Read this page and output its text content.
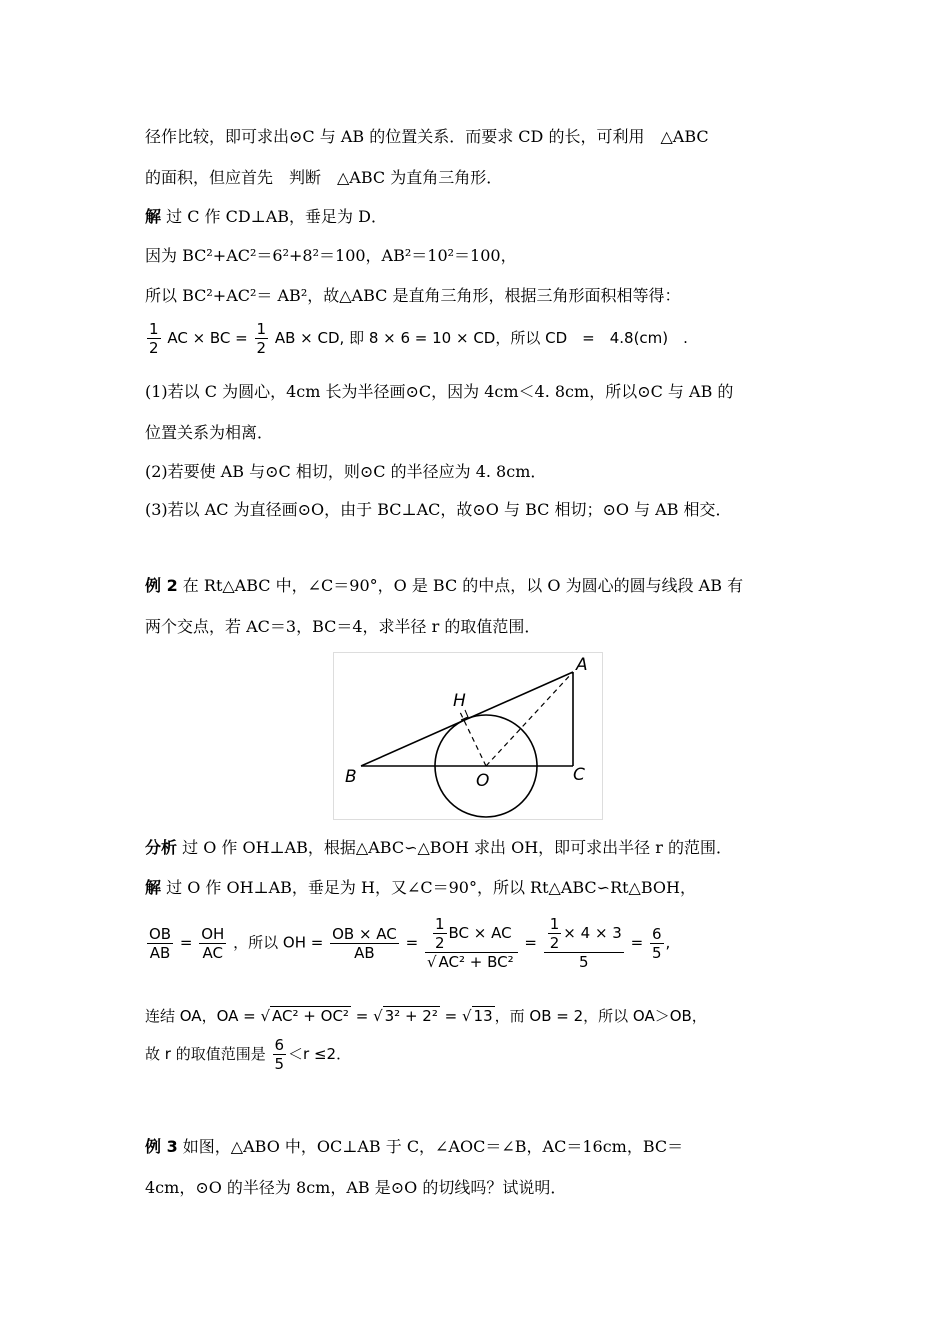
径作比较，即可求出⊙C 与 AB 的位置关系．而要求 CD 的长，可利用　△ABC
的面积，但应首先　判断　△ABC 为直角三角形．
解 过 C 作 CD⊥AB，垂足为 D．
因为 BC²+AC²＝6²+8²＝100，AB²＝10²＝100，
所以 BC²+AC²＝ AB²，故△ABC 是直角三角形，根据三角形面积相等得：
$\frac{1}{2}$ AC × BC = $\frac{1}{2}$ AB × CD, 即 8 × 6 = 10 × CD，所以 CD　=　4.8(cm)　.
(1)若以 C 为圆心，4cm 长为半径画⊙C，因为 4cm＜4. 8cm，所以⊙C 与 AB 的
位置关系为相离．
(2)若要使 AB 与⊙C 相切，则⊙C 的半径应为 4. 8cm．
(3)若以 AC 为直径画⊙O，由于 BC⊥AC，故⊙O 与 BC 相切；⊙O 与 AB 相交．
例 2 在 Rt△ABC 中，∠C＝90°，O 是 BC 的中点，以 O 为圆心的圆与线段 AB 有
两个交点，若 AC＝3，BC＝4，求半径 r 的取值范围．
A
H
B	C
O
分析 过 O 作 OH⊥AB，根据△ABC∽△BOH 求出 OH，即可求出半径 r 的范围．
解 过 O 作 OH⊥AB，垂足为 H，又∠C＝90°，所以 Rt△ABC∽Rt△BOH，
$\frac{OB}{AB} = \frac{OH}{AC}$ ，所以 OH = $\frac{OB \times AC}{AB} = \frac{\frac{1}{2} BC \times AC}{\text{√ AC² + BC²}} = \frac{\frac{1}{2} \times 4 \times 3}{5} = \frac{6}{5}$ ,
连结 OA，OA = √ AC² + OC² = √ 3² + 2² = √ 13 ，而 OB = 2，所以 OA＞OB，
故 r 的取值范围是 $\frac{6}{5} <r \le 2$．
例 3 如图，△ABO 中，OC⊥AB 于 C，∠AOC＝∠B，AC＝16cm，BC＝
4cm，⊙O 的半径为 8cm，AB 是⊙O 的切线吗？试说明．
